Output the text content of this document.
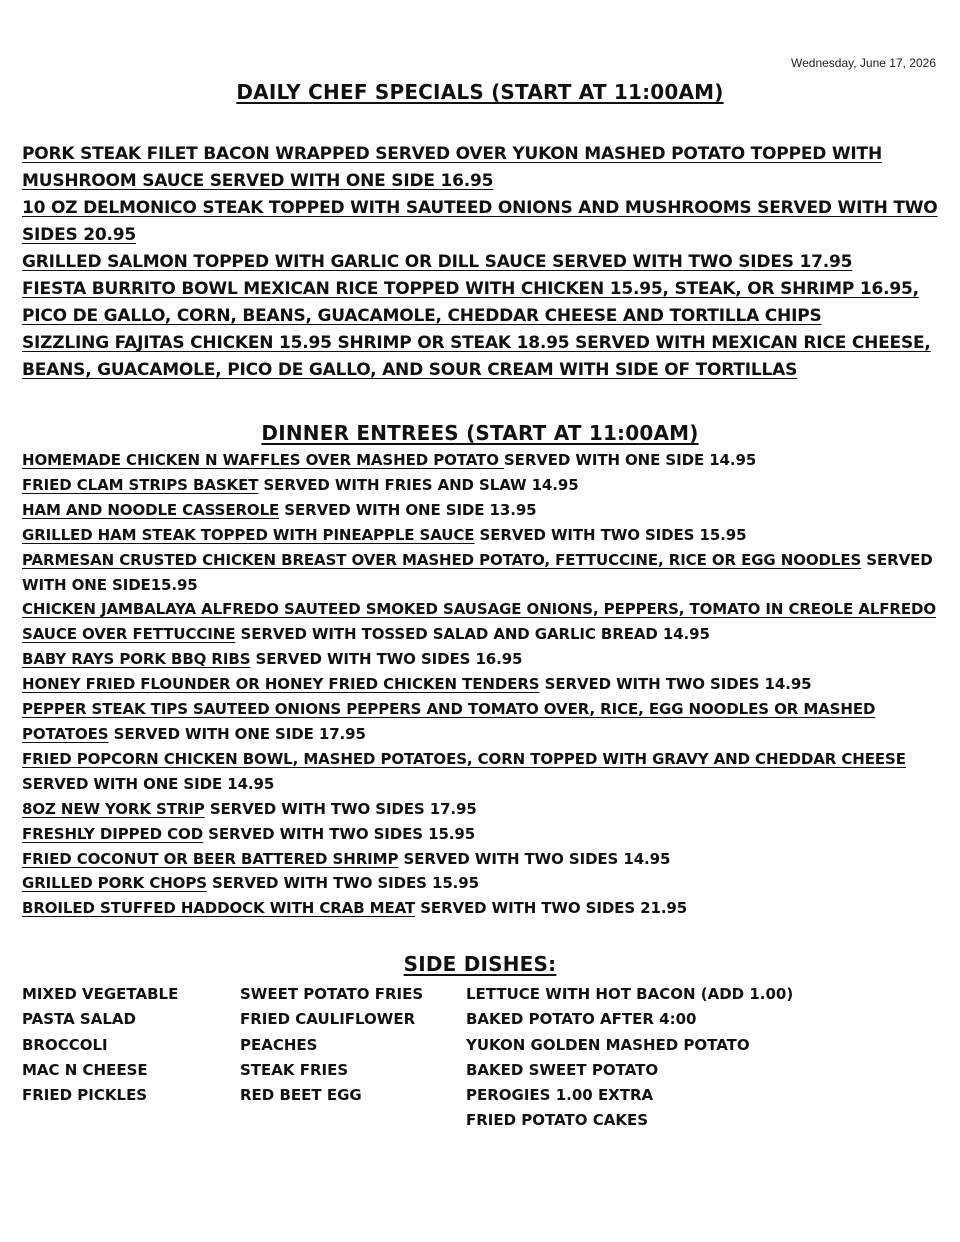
Wednesday, June 17, 2026
DAILY CHEF SPECIALS (START AT 11:00AM)
PORK STEAK FILET BACON WRAPPED SERVED OVER YUKON MASHED POTATO TOPPED WITH MUSHROOM SAUCE SERVED WITH ONE SIDE 16.95
10 OZ DELMONICO STEAK TOPPED WITH SAUTEED ONIONS AND MUSHROOMS SERVED WITH TWO SIDES 20.95
GRILLED SALMON TOPPED WITH GARLIC OR DILL SAUCE SERVED WITH TWO SIDES 17.95
FIESTA BURRITO BOWL MEXICAN RICE TOPPED WITH CHICKEN 15.95, STEAK, OR SHRIMP 16.95, PICO DE GALLO, CORN, BEANS, GUACAMOLE, CHEDDAR CHEESE AND TORTILLA CHIPS
SIZZLING FAJITAS CHICKEN 15.95 SHRIMP OR STEAK 18.95 SERVED WITH MEXICAN RICE CHEESE, BEANS, GUACAMOLE, PICO DE GALLO, AND SOUR CREAM WITH SIDE OF TORTILLAS
DINNER ENTREES (START AT 11:00AM)
HOMEMADE CHICKEN N WAFFLES OVER MASHED POTATO SERVED WITH ONE SIDE 14.95
FRIED CLAM STRIPS BASKET SERVED WITH FRIES AND SLAW 14.95
HAM AND NOODLE CASSEROLE SERVED WITH ONE SIDE 13.95
GRILLED HAM STEAK TOPPED WITH PINEAPPLE SAUCE SERVED WITH TWO SIDES 15.95
PARMESAN CRUSTED CHICKEN BREAST OVER MASHED POTATO, FETTUCCINE, RICE OR EGG NOODLES SERVED WITH ONE SIDE15.95
CHICKEN JAMBALAYA ALFREDO SAUTEED SMOKED SAUSAGE ONIONS, PEPPERS, TOMATO IN CREOLE ALFREDO SAUCE OVER FETTUCCINE SERVED WITH TOSSED SALAD AND GARLIC BREAD 14.95
BABY RAYS PORK BBQ RIBS SERVED WITH TWO SIDES 16.95
HONEY FRIED FLOUNDER OR HONEY FRIED CHICKEN TENDERS SERVED WITH TWO SIDES 14.95
PEPPER STEAK TIPS SAUTEED ONIONS PEPPERS AND TOMATO OVER, RICE, EGG NOODLES OR MASHED POTATOES SERVED WITH ONE SIDE 17.95
FRIED POPCORN CHICKEN BOWL, MASHED POTATOES, CORN TOPPED WITH GRAVY AND CHEDDAR CHEESE SERVED WITH ONE SIDE 14.95
8OZ NEW YORK STRIP SERVED WITH TWO SIDES 17.95
FRESHLY DIPPED COD SERVED WITH TWO SIDES 15.95
FRIED COCONUT OR BEER BATTERED SHRIMP SERVED WITH TWO SIDES 14.95
GRILLED PORK CHOPS SERVED WITH TWO SIDES 15.95
BROILED STUFFED HADDOCK WITH CRAB MEAT SERVED WITH TWO SIDES 21.95
SIDE DISHES:
MIXED VEGETABLE
PASTA SALAD
BROCCOLI
MAC N CHEESE
FRIED PICKLES
SWEET POTATO FRIES
FRIED CAULIFLOWER
PEACHES
STEAK FRIES
RED BEET EGG
LETTUCE WITH HOT BACON (ADD 1.00)
BAKED POTATO AFTER 4:00
YUKON GOLDEN MASHED POTATO
BAKED SWEET POTATO
PEROGIES 1.00 EXTRA
FRIED POTATO CAKES
